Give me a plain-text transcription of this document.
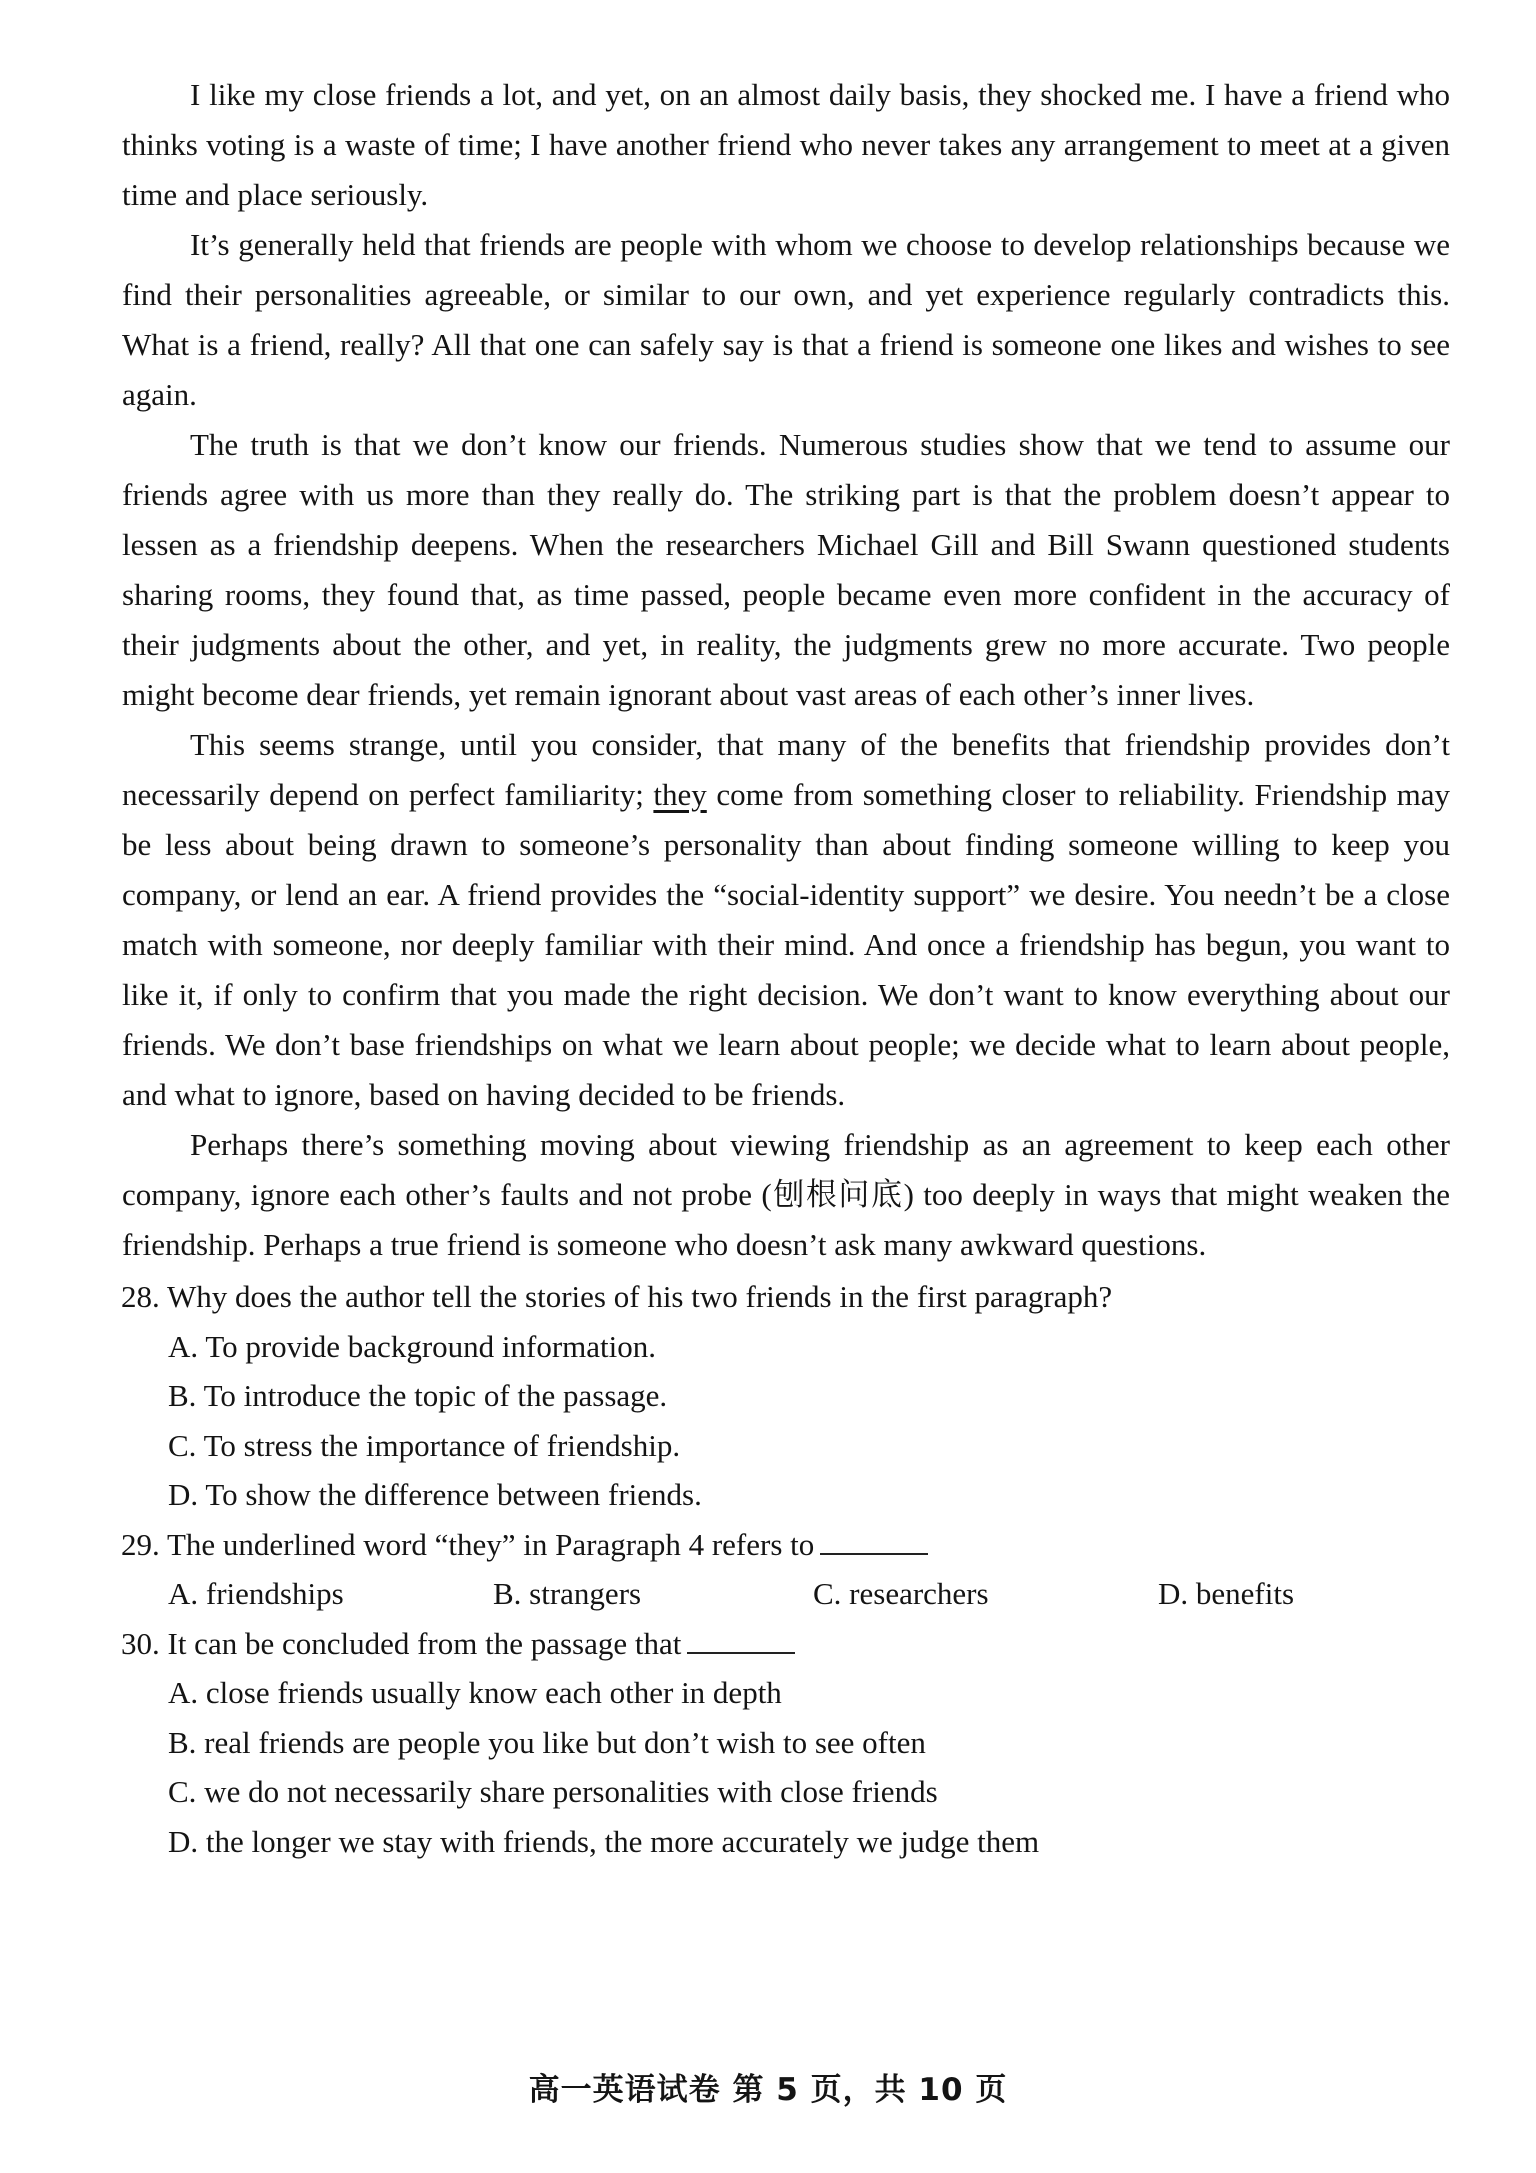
I like my close friends a lot, and yet, on an almost daily basis, they shocked me. I have a friend who thinks voting is a waste of time; I have another friend who never takes any arrangement to meet at a given time and place seriously.

It’s generally held that friends are people with whom we choose to develop relationships because we find their personalities agreeable, or similar to our own, and yet experience regularly contradicts this. What is a friend, really? All that one can safely say is that a friend is someone one likes and wishes to see again.

The truth is that we don’t know our friends. Numerous studies show that we tend to assume our friends agree with us more than they really do. The striking part is that the problem doesn’t appear to lessen as a friendship deepens. When the researchers Michael Gill and Bill Swann questioned students sharing rooms, they found that, as time passed, people became even more confident in the accuracy of their judgments about the other, and yet, in reality, the judgments grew no more accurate. Two people might become dear friends, yet remain ignorant about vast areas of each other’s inner lives.

This seems strange, until you consider, that many of the benefits that friendship provides don’t necessarily depend on perfect familiarity; they come from something closer to reliability. Friendship may be less about being drawn to someone’s personality than about finding someone willing to keep you company, or lend an ear. A friend provides the “social-identity support” we desire. You needn’t be a close match with someone, nor deeply familiar with their mind. And once a friendship has begun, you want to like it, if only to confirm that you made the right decision. We don’t want to know everything about our friends. We don’t base friendships on what we learn about people; we decide what to learn about people, and what to ignore, based on having decided to be friends.

Perhaps there’s something moving about viewing friendship as an agreement to keep each other company, ignore each other’s faults and not probe (刨根问底) too deeply in ways that might weaken the friendship. Perhaps a true friend is someone who doesn’t ask many awkward questions.

28. Why does the author tell the stories of his two friends in the first paragraph?

A. To provide background information.

B. To introduce the topic of the passage.

C. To stress the importance of friendship.

D. To show the difference between friends.

29. The underlined word “they” in Paragraph 4 refers to

A. friendships	B. strangers	C. researchers	D. benefits

30. It can be concluded from the passage that

A. close friends usually know each other in depth

B. real friends are people you like but don’t wish to see often

C. we do not necessarily share personalities with close friends

D. the longer we stay with friends, the more accurately we judge them

高一英语试卷 第 5 页，共 10 页
